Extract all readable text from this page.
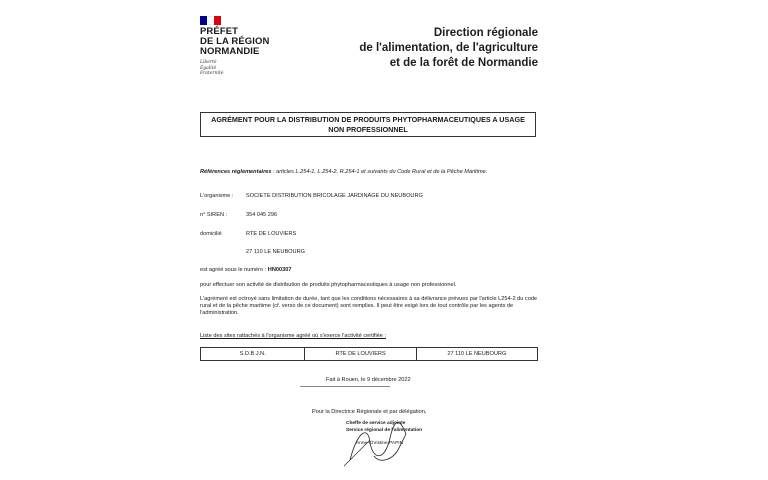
PRÉFET
DE LA RÉGION
NORMANDIE
Liberté
Égalité
Fraternité
Direction régionale
de l'alimentation, de l'agriculture
et de la forêt de Normandie
AGRÉMENT POUR LA DISTRIBUTION DE PRODUITS PHYTOPHARMACEUTIQUES A USAGE
NON PROFESSIONNEL
Références réglementaires : articles L.254-1, L.254-2, R.254-1 et suivants du Code Rural et de la Pêche Maritime.
L'organisme : SOCIETE DISTRIBUTION BRICOLAGE JARDINAGE DU NEUBOURG
n° SIREN :	354 045 296
domicilié	RTE DE LOUVIERS
27 110 LE NEUBOURG
est agréé sous le numéro : HN00307
pour effectuer son activité de distribution de produits phytopharmaceutiques à usage non professionnel.
L'agrément est octroyé sans limitation de durée, tant que les conditions nécessaires à sa délivrance prévues par l'article L254-2 du code rural et de la pêche maritime (cf. verso de ce document) sont remplies. Il peut être exigé lors de tout contrôle par les agents de l'administration.
Liste des sites rattachés à l'organisme agréé où s'exerce l'activité certifiée :
S.D.B.J.N.	RTE DE LOUVIERS	27 110 LE NEUBOURG
Fait à Rouen, le 9 décembre 2022
Pour la Directrice Régionale et par délégation,
Cheffe de service adjointe
Service régional de l'alimentation
Anne-Christine PAPIN
